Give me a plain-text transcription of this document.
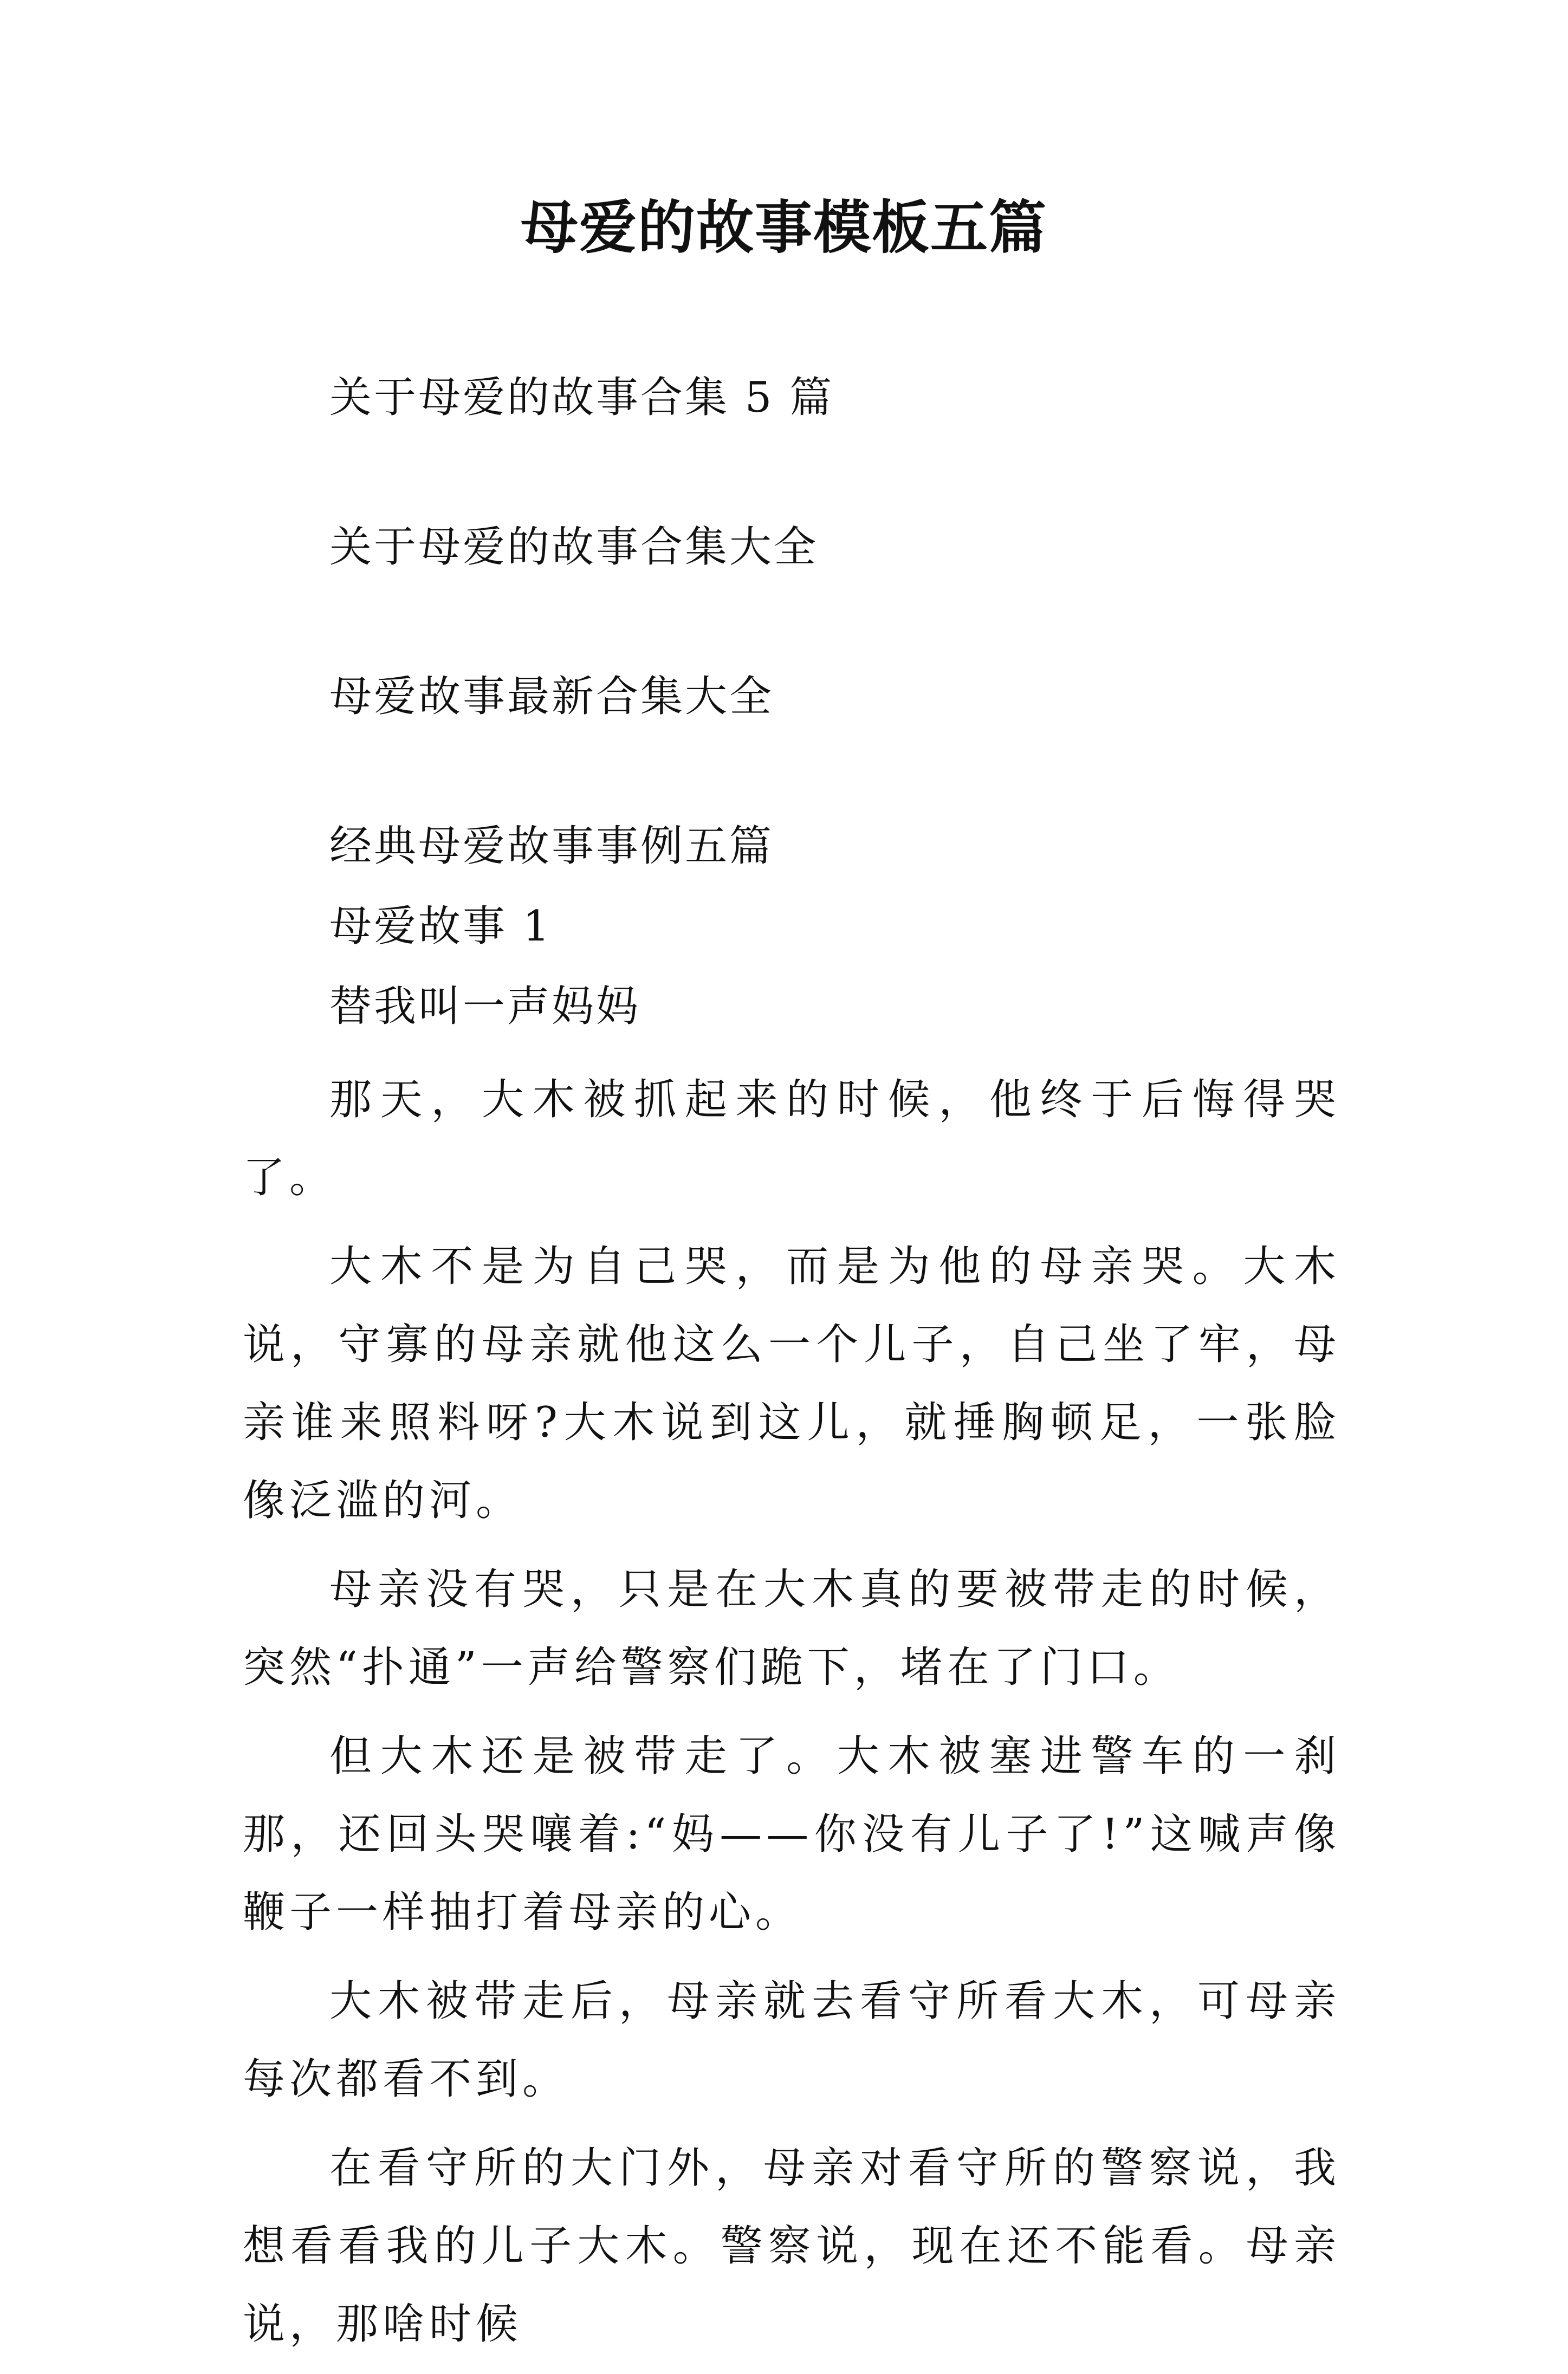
母爱的故事模板五篇
关于母爱的故事合集 5 篇
关于母爱的故事合集大全
母爱故事最新合集大全
经典母爱故事事例五篇
母爱故事 1
替我叫一声妈妈

那天，大木被抓起来的时候，他终于后悔得哭了。

大木不是为自己哭，而是为他的母亲哭。大木说，守寡的母亲就他这么一个儿子，自己坐了牢，母亲谁来照料呀?大木说到这儿，就捶胸顿足，一张脸像泛滥的河。

母亲没有哭，只是在大木真的要被带走的时候，突然“扑通”一声给警察们跪下，堵在了门口。

但大木还是被带走了。大木被塞进警车的一刹那，还回头哭嚷着:“妈——你没有儿子了!”这喊声像鞭子一样抽打着母亲的心。

大木被带走后，母亲就去看守所看大木，可母亲每次都看不到。

在看守所的大门外，母亲对看守所的警察说，我想看看我的儿子大木。警察说，现在还不能看。母亲说，那啥时候
